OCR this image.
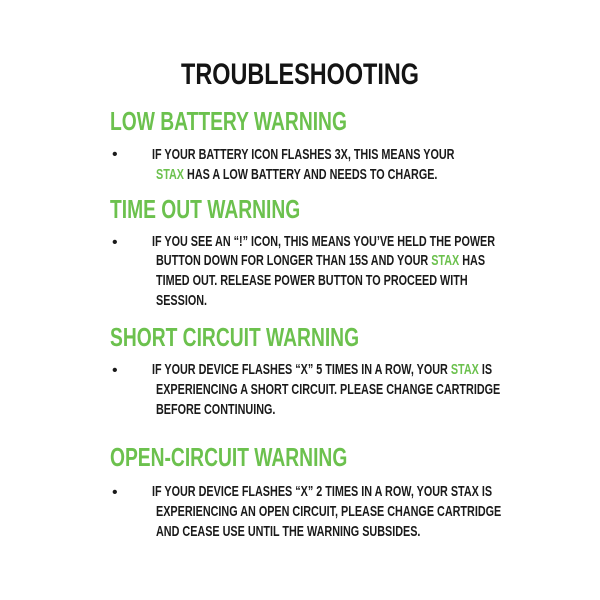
TROUBLESHOOTING
LOW BATTERY WARNING
• IF YOUR BATTERY ICON FLASHES 3X, THIS MEANS YOUR
STAX HAS A LOW BATTERY AND NEEDS TO CHARGE.
TIME OUT WARNING
• IF YOU SEE AN “!” ICON, THIS MEANS YOU’VE HELD THE POWER
BUTTON DOWN FOR LONGER THAN 15S AND YOUR STAX HAS
TIMED OUT. RELEASE POWER BUTTON TO PROCEED WITH
SESSION.
SHORT CIRCUIT WARNING
• IF YOUR DEVICE FLASHES “X” 5 TIMES IN A ROW, YOUR STAX IS
EXPERIENCING A SHORT CIRCUIT. PLEASE CHANGE CARTRIDGE
BEFORE CONTINUING.
OPEN-CIRCUIT WARNING
• IF YOUR DEVICE FLASHES “X” 2 TIMES IN A ROW, YOUR STAX IS
EXPERIENCING AN OPEN CIRCUIT, PLEASE CHANGE CARTRIDGE
AND CEASE USE UNTIL THE WARNING SUBSIDES.
